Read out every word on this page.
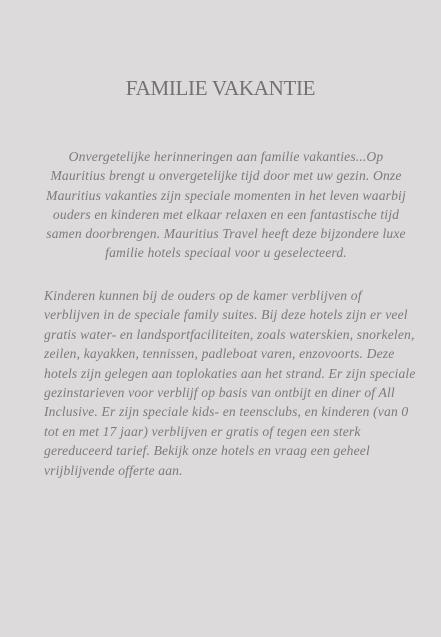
FAMILIE VAKANTIE

Onvergetelijke herinneringen aan familie vakanties...Op Mauritius brengt u onvergetelijke tijd door met uw gezin. Onze Mauritius vakanties zijn speciale momenten in het leven waarbij ouders en kinderen met elkaar relaxen en een fantastische tijd samen doorbrengen. Mauritius Travel heeft deze bijzondere luxe familie hotels speciaal voor u geselecteerd.

Kinderen kunnen bij de ouders op de kamer verblijven of verblijven in de speciale family suites. Bij deze hotels zijn er veel gratis water- en landsportfaciliteiten, zoals waterskien, snorkelen, zeilen, kayakken, tennissen, padleboat varen, enzovoorts. Deze hotels zijn gelegen aan toplokaties aan het strand. Er zijn speciale gezinstarieven voor verblijf op basis van ontbijt en diner of All Inclusive. Er zijn speciale kids- en teensclubs, en kinderen (van 0 tot en met 17 jaar) verblijven er gratis of tegen een sterk gereduceerd tarief. Bekijk onze hotels en vraag een geheel vrijblijvende offerte aan.
